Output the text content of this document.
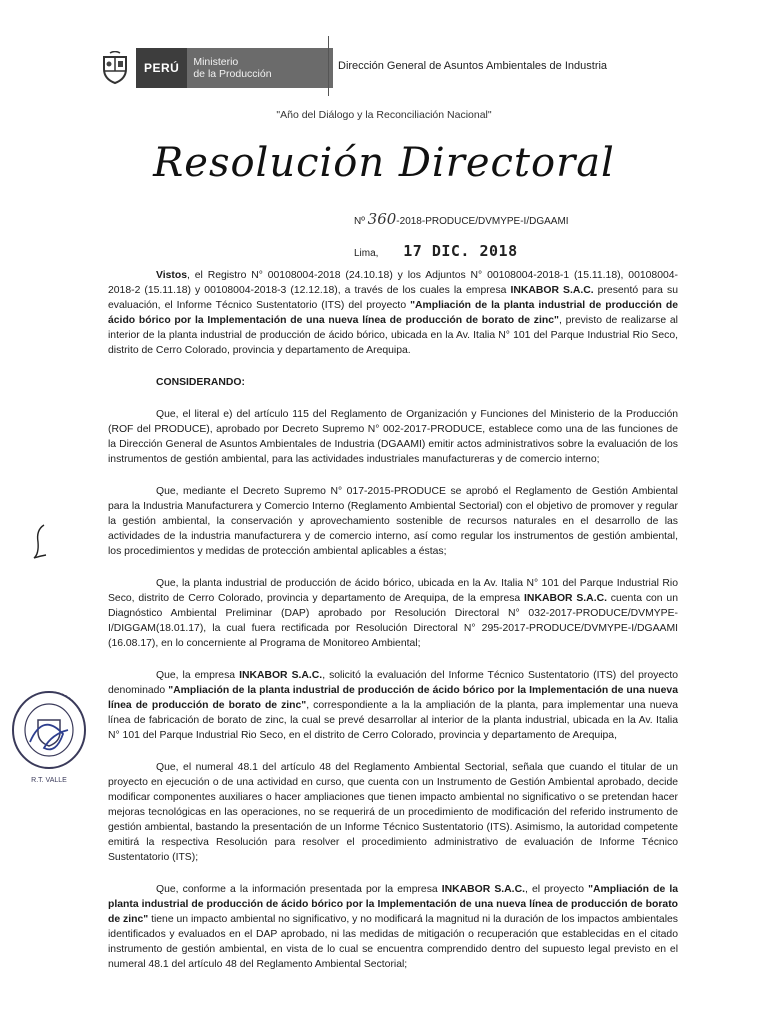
PERÚ	Ministerio
de la Producción
Dirección General de Asuntos Ambientales de Industria
"Año del Diálogo y la Reconciliación Nacional"
Resolución Directoral
Nº 360-2018-PRODUCE/DVMYPE-I/DGAAMI
Lima, 17 DIC. 2018

Vistos, el Registro N° 00108004-2018 (24.10.18) y los Adjuntos N° 00108004-2018-1 (15.11.18), 00108004-2018-2 (15.11.18) y 00108004-2018-3 (12.12.18), a través de los cuales la empresa INKABOR S.A.C. presentó para su evaluación, el Informe Técnico Sustentatorio (ITS) del proyecto "Ampliación de la planta industrial de producción de ácido bórico por la Implementación de una nueva línea de producción de borato de zinc", previsto de realizarse al interior de la planta industrial de producción de ácido bórico, ubicada en la Av. Italia N° 101 del Parque Industrial Rio Seco, distrito de Cerro Colorado, provincia y departamento de Arequipa.

CONSIDERANDO:

Que, el literal e) del artículo 115 del Reglamento de Organización y Funciones del Ministerio de la Producción (ROF del PRODUCE), aprobado por Decreto Supremo N° 002-2017-PRODUCE, establece como una de las funciones de la Dirección General de Asuntos Ambientales de Industria (DGAAMI) emitir actos administrativos sobre la evaluación de los instrumentos de gestión ambiental, para las actividades industriales manufactureras y de comercio interno;

Que, mediante el Decreto Supremo N° 017-2015-PRODUCE se aprobó el Reglamento de Gestión Ambiental para la Industria Manufacturera y Comercio Interno (Reglamento Ambiental Sectorial) con el objetivo de promover y regular la gestión ambiental, la conservación y aprovechamiento sostenible de recursos naturales en el desarrollo de las actividades de la industria manufacturera y de comercio interno, así como regular los instrumentos de gestión ambiental, los procedimientos y medidas de protección ambiental aplicables a éstas;

Que, la planta industrial de producción de ácido bórico, ubicada en la Av. Italia N° 101 del Parque Industrial Rio Seco, distrito de Cerro Colorado, provincia y departamento de Arequipa, de la empresa INKABOR S.A.C. cuenta con un Diagnóstico Ambiental Preliminar (DAP) aprobado por Resolución Directoral N° 032-2017-PRODUCE/DVMYPE-I/DIGGAM(18.01.17), la cual fuera rectificada por Resolución Directoral N° 295-2017-PRODUCE/DVMYPE-I/DGAAMI (16.08.17), en lo concerniente al Programa de Monitoreo Ambiental;

Que, la empresa INKABOR S.A.C., solicitó la evaluación del Informe Técnico Sustentatorio (ITS) del proyecto denominado "Ampliación de la planta industrial de producción de ácido bórico por la Implementación de una nueva línea de producción de borato de zinc", correspondiente a la la ampliación de la planta, para implementar una nueva línea de fabricación de borato de zinc, la cual se prevé desarrollar al interior de la planta industrial, ubicada en la Av. Italia N° 101 del Parque Industrial Rio Seco, en el distrito de Cerro Colorado, provincia y departamento de Arequipa,

Que, el numeral 48.1 del artículo 48 del Reglamento Ambiental Sectorial, señala que cuando el titular de un proyecto en ejecución o de una actividad en curso, que cuenta con un Instrumento de Gestión Ambiental aprobado, decide modificar componentes auxiliares o hacer ampliaciones que tienen impacto ambiental no significativo o se pretendan hacer mejoras tecnológicas en las operaciones, no se requerirá de un procedimiento de modificación del referido instrumento de gestión ambiental, bastando la presentación de un Informe Técnico Sustentatorio (ITS). Asimismo, la autoridad competente emitirá la respectiva Resolución para resolver el procedimiento administrativo de evaluación de Informe Técnico Sustentatorio (ITS);

Que, conforme a la información presentada por la empresa INKABOR S.A.C., el proyecto "Ampliación de la planta industrial de producción de ácido bórico por la Implementación de una nueva línea de producción de borato de zinc" tiene un impacto ambiental no significativo, y no modificará la magnitud ni la duración de los impactos ambientales identificados y evaluados en el DAP aprobado, ni las medidas de mitigación o recuperación que establecidas en el citado instrumento de gestión ambiental, en vista de lo cual se encuentra comprendido dentro del supuesto legal previsto en el numeral 48.1 del artículo 48 del Reglamento Ambiental Sectorial;

R.T. VALLE
